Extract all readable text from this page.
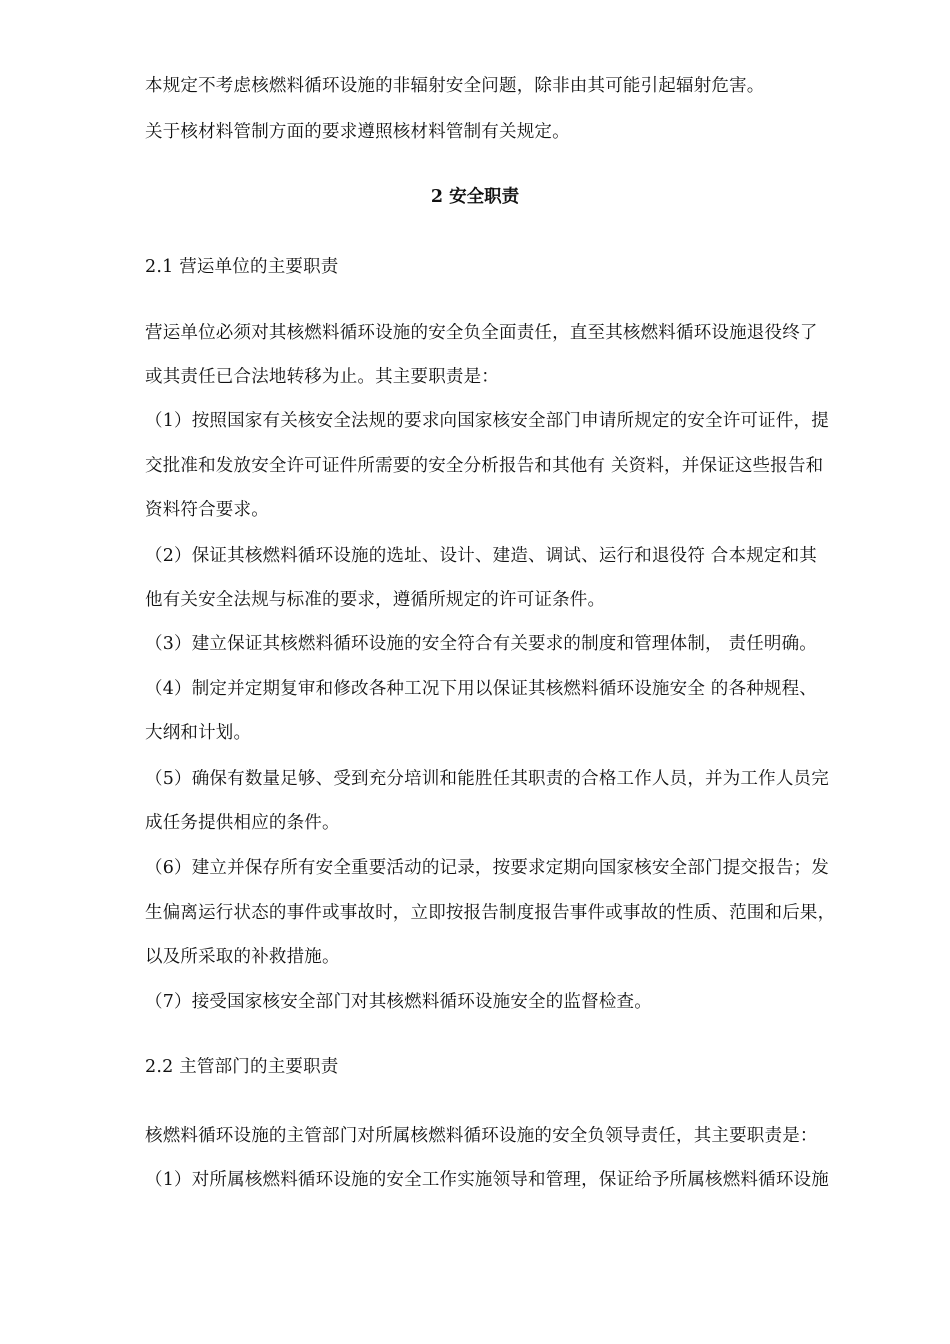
本规定不考虑核燃料循环设施的非辐射安全问题，除非由其可能引起辐射危害。
关于核材料管制方面的要求遵照核材料管制有关规定。
2 安全职责
2.1 营运单位的主要职责
营运单位必须对其核燃料循环设施的安全负全面责任，直至其核燃料循环设施退役终了
或其责任已合法地转移为止。其主要职责是：
（1）按照国家有关核安全法规的要求向国家核安全部门申请所规定的安全许可证件，提
交批准和发放安全许可证件所需要的安全分析报告和其他有 关资料，并保证这些报告和
资料符合要求。
（2）保证其核燃料循环设施的选址、设计、建造、调试、运行和退役符 合本规定和其
他有关安全法规与标准的要求，遵循所规定的许可证条件。
（3）建立保证其核燃料循环设施的安全符合有关要求的制度和管理体制， 责任明确。
（4）制定并定期复审和修改各种工况下用以保证其核燃料循环设施安全 的各种规程、
大纲和计划。
（5）确保有数量足够、受到充分培训和能胜任其职责的合格工作人员，并为工作人员完
成任务提供相应的条件。
（6）建立并保存所有安全重要活动的记录，按要求定期向国家核安全部门提交报告；发
生偏离运行状态的事件或事故时，立即按报告制度报告事件或事故的性质、范围和后果，
以及所采取的补救措施。
（7）接受国家核安全部门对其核燃料循环设施安全的监督检查。
2.2 主管部门的主要职责
核燃料循环设施的主管部门对所属核燃料循环设施的安全负领导责任，其主要职责是：
（1）对所属核燃料循环设施的安全工作实施领导和管理，保证给予所属核燃料循环设施
